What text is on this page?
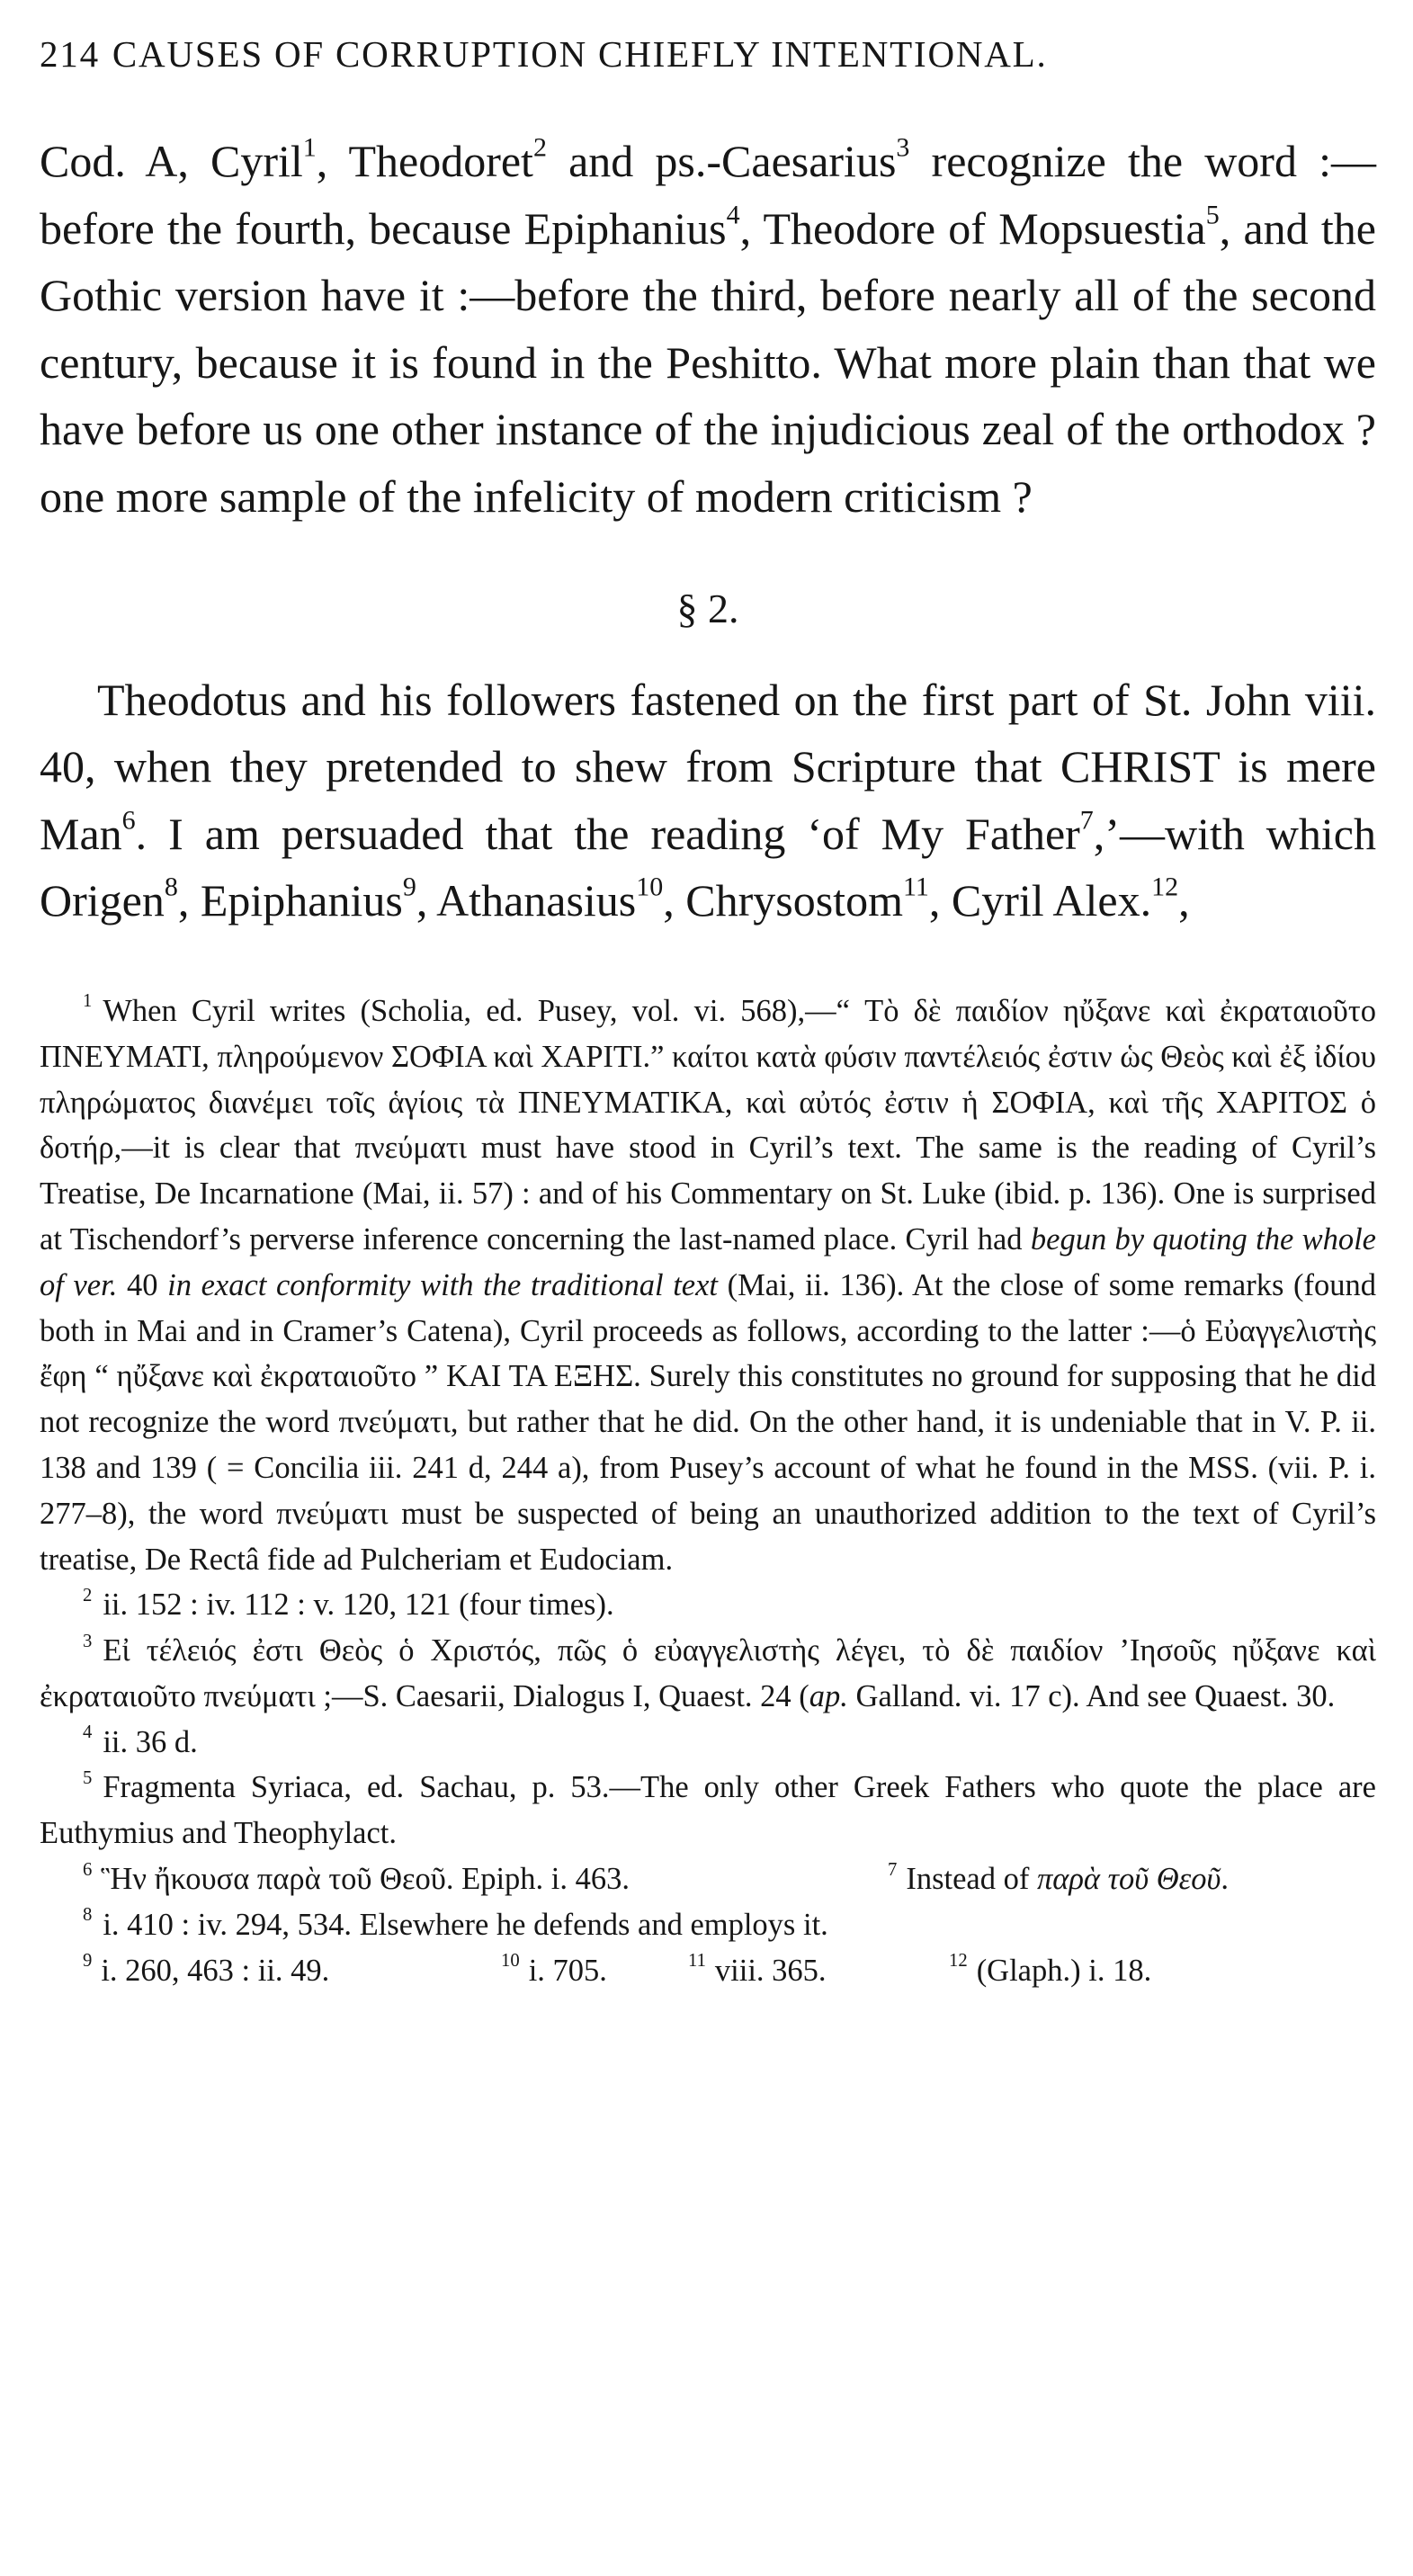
214 CAUSES OF CORRUPTION CHIEFLY INTENTIONAL.

Cod. A, Cyril$^1$, Theodoret$^2$ and ps.-Caesarius$^3$ recognize the word :—before the fourth, because Epiphanius$^4$, Theodore of Mopsuestia$^5$, and the Gothic version have it :—before the third, before nearly all of the second century, because it is found in the Peshitto. What more plain than that we have before us one other instance of the injudicious zeal of the orthodox ? one more sample of the infelicity of modern criticism ?

§ 2.

Theodotus and his followers fastened on the first part of St. John viii. 40, when they pretended to shew from Scripture that CHRIST is mere Man$^6$. I am persuaded that the reading ‘of My Father$^7$,’—with which Origen$^8$, Epiphanius$^9$, Athanasius$^{10}$, Chrysostom$^{11}$, Cyril Alex.$^{12}$,

$^1$ When Cyril writes (Scholia, ed. Pusey, vol. vi. 568),—“ Τὸ δὲ παιδίον ηὔξανε καὶ ἐκραταιοῦτο ΠΝΕΥΜΑΤΙ, πληρούμενον ΣΟΦΙΑ καὶ ΧΑΡΙΤΙ.” καίτοι κατὰ φύσιν παντέλειός ἐστιν ὡς Θεὸς καὶ ἐξ ἰδίου πληρώματος διανέμει τοῖς ἁγίοις τὰ ΠΝΕΥΜΑΤΙΚΑ, καὶ αὐτός ἐστιν ἡ ΣΟΦΙΑ, καὶ τῆς ΧΑΡΙΤΟΣ ὁ δοτήρ,—it is clear that πνεύματι must have stood in Cyril’s text. The same is the reading of Cyril’s Treatise, De Incarnatione (Mai, ii. 57) : and of his Commentary on St. Luke (ibid. p. 136). One is surprised at Tischendorf’s perverse inference concerning the last-named place. Cyril had begun by quoting the whole of ver. 40 in exact conformity with the traditional text (Mai, ii. 136). At the close of some remarks (found both in Mai and in Cramer’s Catena), Cyril proceeds as follows, according to the latter :—ὁ Εὐαγγελιστὴς ἔφη “ ηὔξανε καὶ ἐκραταιοῦτο ” ΚΑΙ ΤΑ ΕΞΗΣ. Surely this constitutes no ground for supposing that he did not recognize the word πνεύματι, but rather that he did. On the other hand, it is undeniable that in V. P. ii. 138 and 139 ( = Concilia iii. 241 d, 244 a), from Pusey’s account of what he found in the MSS. (vii. P. i. 277–8), the word πνεύματι must be suspected of being an unauthorized addition to the text of Cyril’s treatise, De Rectâ fide ad Pulcheriam et Eudociam.

$^2$ ii. 152 : iv. 112 : v. 120, 121 (four times).

$^3$ Εἰ τέλειός ἐστι Θεὸς ὁ Χριστός, πῶς ὁ εὐαγγελιστὴς λέγει, τὸ δὲ παιδίον ’Ιησοῦς ηὔξανε καὶ ἐκραταιοῦτο πνεύματι ;—S. Caesarii, Dialogus I, Quaest. 24 (ap. Galland. vi. 17 c). And see Quaest. 30.

$^4$ ii. 36 d.

$^5$ Fragmenta Syriaca, ed. Sachau, p. 53.—The only other Greek Fathers who quote the place are Euthymius and Theophylact.

$^6$ Ἣν ἤκουσα παρὰ τοῦ Θεοῦ. Epiph. i. 463.	$^7$ Instead of παρὰ τοῦ Θεοῦ.

$^8$ i. 410 : iv. 294, 534. Elsewhere he defends and employs it.

$^9$ i. 260, 463 : ii. 49.	$^{10}$ i. 705.	$^{11}$ viii. 365.	$^{12}$ (Glaph.) i. 18.
